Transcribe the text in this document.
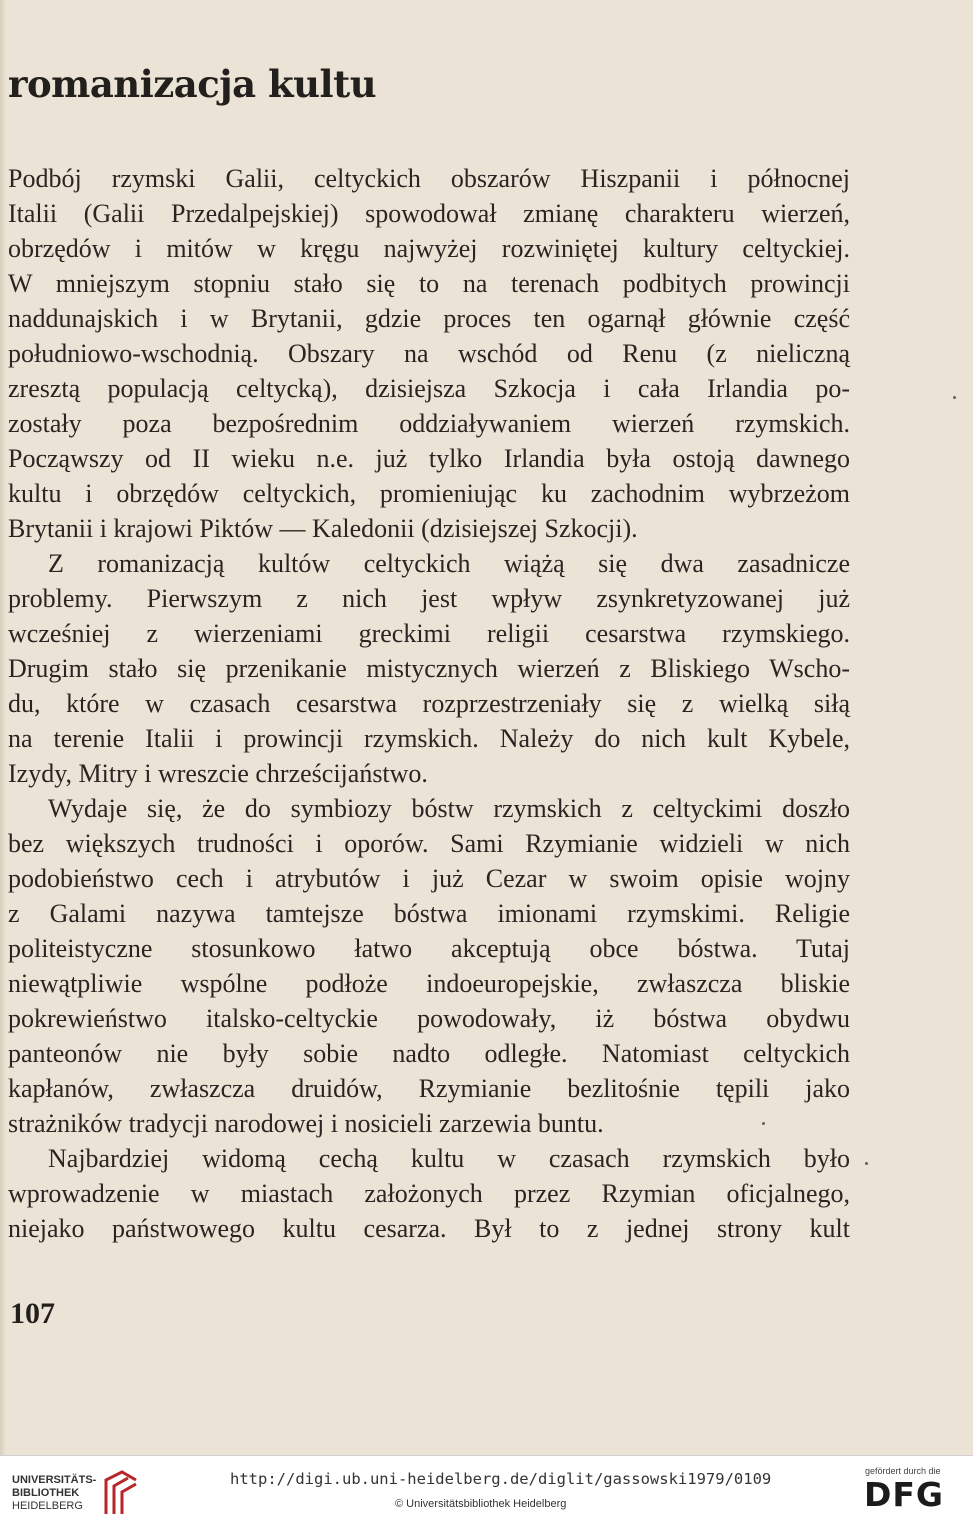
romanizacja kultu
Podbój rzymski Galii, celtyckich obszarów Hiszpanii i północnej
Italii (Galii Przedalpejskiej) spowodował zmianę charakteru wierzeń,
obrzędów i mitów w kręgu najwyżej rozwiniętej kultury celtyckiej.
W mniejszym stopniu stało się to na terenach podbitych prowincji
naddunajskich i w Brytanii, gdzie proces ten ogarnął głównie część
południowo-wschodnią. Obszary na wschód od Renu (z nieliczną
zresztą populacją celtycką), dzisiejsza Szkocja i cała Irlandia po-
zostały poza bezpośrednim oddziaływaniem wierzeń rzymskich.
Począwszy od II wieku n.e. już tylko Irlandia była ostoją dawnego
kultu i obrzędów celtyckich, promieniując ku zachodnim wybrzeżom
Brytanii i krajowi Piktów — Kaledonii (dzisiejszej Szkocji).
Z romanizacją kultów celtyckich wiążą się dwa zasadnicze
problemy. Pierwszym z nich jest wpływ zsynkretyzowanej już
wcześniej z wierzeniami greckimi religii cesarstwa rzymskiego.
Drugim stało się przenikanie mistycznych wierzeń z Bliskiego Wscho-
du, które w czasach cesarstwa rozprzestrzeniały się z wielką siłą
na terenie Italii i prowincji rzymskich. Należy do nich kult Kybele,
Izydy, Mitry i wreszcie chrześcijaństwo.
Wydaje się, że do symbiozy bóstw rzymskich z celtyckimi doszło
bez większych trudności i oporów. Sami Rzymianie widzieli w nich
podobieństwo cech i atrybutów i już Cezar w swoim opisie wojny
z Galami nazywa tamtejsze bóstwa imionami rzymskimi. Religie
politeistyczne stosunkowo łatwo akceptują obce bóstwa. Tutaj
niewątpliwie wspólne podłoże indoeuropejskie, zwłaszcza bliskie
pokrewieństwo italsko-celtyckie powodowały, iż bóstwa obydwu
panteonów nie były sobie nadto odległe. Natomiast celtyckich
kapłanów, zwłaszcza druidów, Rzymianie bezlitośnie tępili jako
strażników tradycji narodowej i nosicieli zarzewia buntu.
Najbardziej widomą cechą kultu w czasach rzymskich było
wprowadzenie w miastach założonych przez Rzymian oficjalnego,
niejako państwowego kultu cesarza. Był to z jednej strony kult
107
UNIVERSITÄTS-
BIBLIOTHEK
HEIDELBERG
http://digi.ub.uni-heidelberg.de/diglit/gassowski1979/0109
© Universitätsbibliothek Heidelberg
gefördert durch die
DFG
